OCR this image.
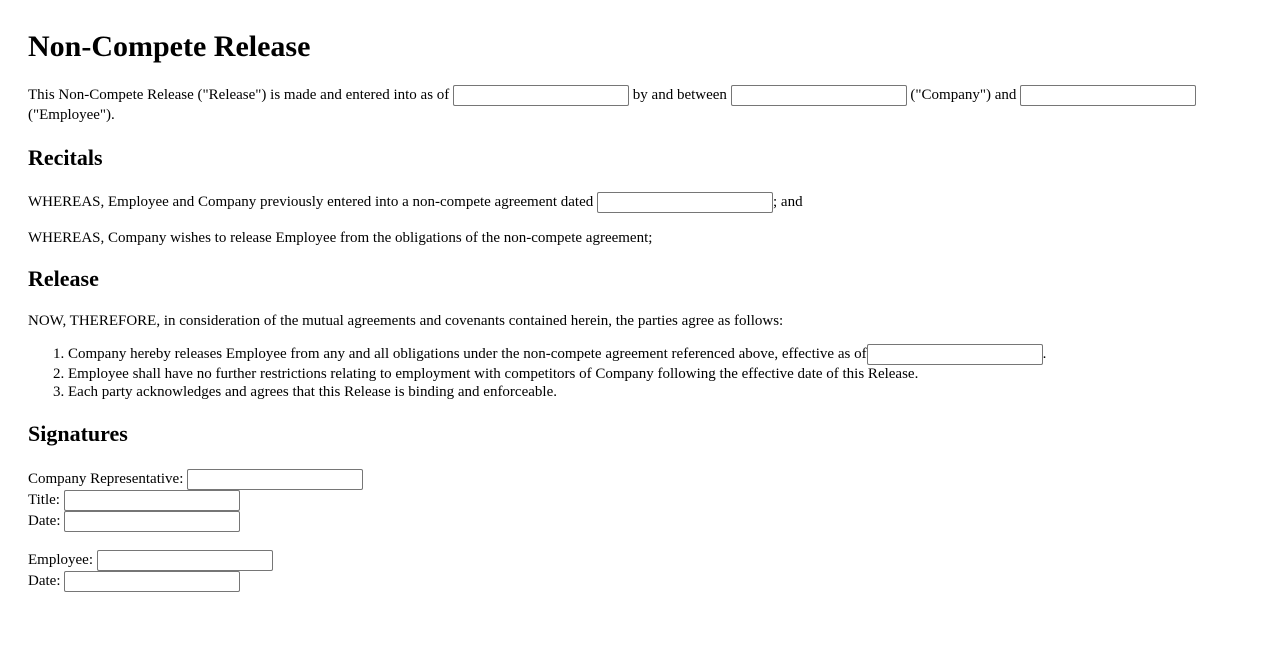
Non-Compete Release

This Non-Compete Release ("Release") is made and entered into as of	by and between	("Company") and  ("Employee").

Recitals

WHEREAS, Employee and Company previously entered into a non-compete agreement dated	; and

WHEREAS, Company wishes to release Employee from the obligations of the non-compete agreement;

Release

NOW, THEREFORE, in consideration of the mutual agreements and covenants contained herein, the parties agree as follows:

1. Company hereby releases Employee from any and all obligations under the non-compete agreement referenced above, effective as of	.
2. Employee shall have no further restrictions relating to employment with competitors of Company following the effective date of this Release.
3. Each party acknowledges and agrees that this Release is binding and enforceable.
Signatures
Company Representative:
Title:
Date:
Employee:
Date:
